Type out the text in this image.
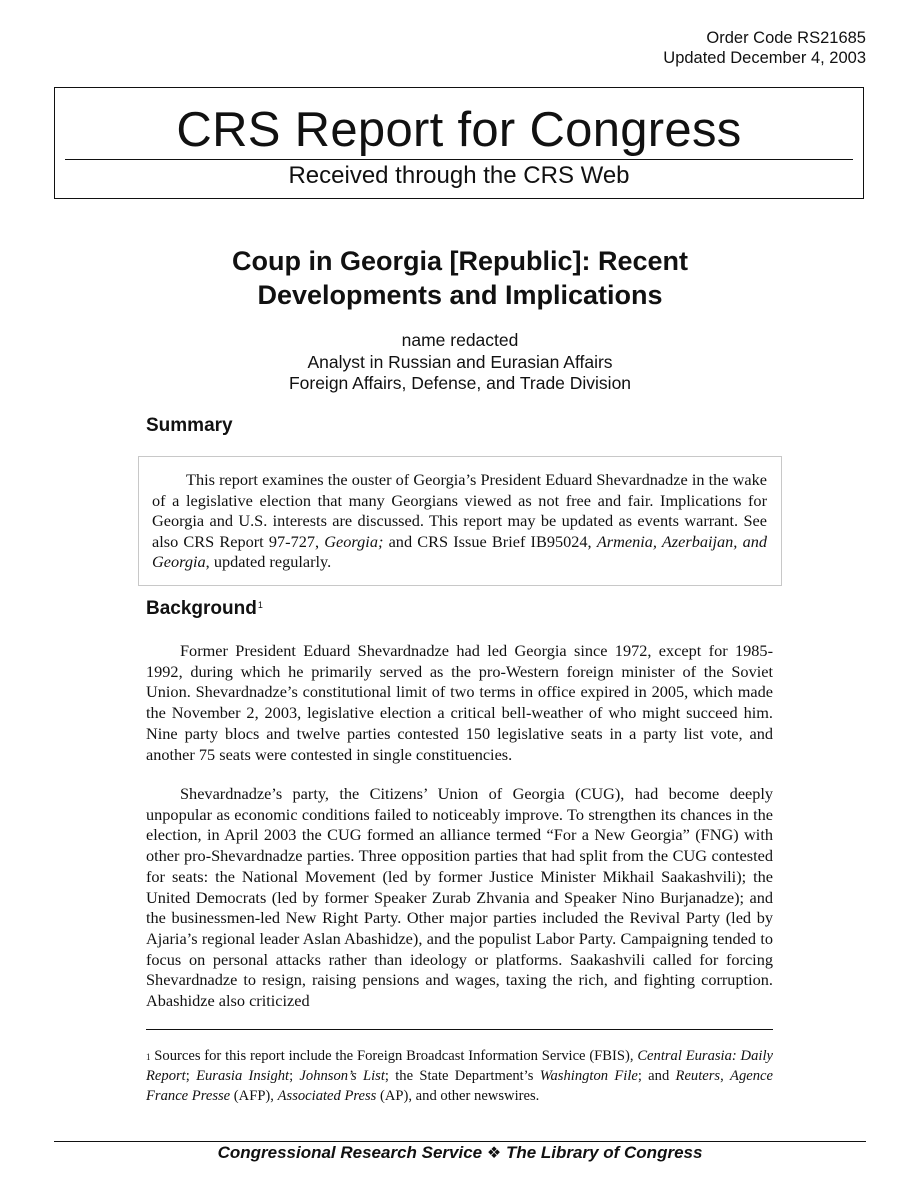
Order Code RS21685
Updated December 4, 2003
CRS Report for Congress
Received through the CRS Web
Coup in Georgia [Republic]: Recent
Developments and Implications
name redacted
Analyst in Russian and Eurasian Affairs
Foreign Affairs, Defense, and Trade Division
Summary

This report examines the ouster of Georgia’s President Eduard Shevardnadze in the wake of a legislative election that many Georgians viewed as not free and fair. Implications for Georgia and U.S. interests are discussed. This report may be updated as events warrant. See also CRS Report 97-727, Georgia; and CRS Issue Brief IB95024, Armenia, Azerbaijan, and Georgia, updated regularly.

Background$^1$

Former President Eduard Shevardnadze had led Georgia since 1972, except for 1985-1992, during which he primarily served as the pro-Western foreign minister of the Soviet Union. Shevardnadze’s constitutional limit of two terms in office expired in 2005, which made the November 2, 2003, legislative election a critical bell-weather of who might succeed him. Nine party blocs and twelve parties contested 150 legislative seats in a party list vote, and another 75 seats were contested in single constituencies.

Shevardnadze’s party, the Citizens’ Union of Georgia (CUG), had become deeply unpopular as economic conditions failed to noticeably improve. To strengthen its chances in the election, in April 2003 the CUG formed an alliance termed “For a New Georgia” (FNG) with other pro-Shevardnadze parties. Three opposition parties that had split from the CUG contested for seats: the National Movement (led by former Justice Minister Mikhail Saakashvili); the United Democrats (led by former Speaker Zurab Zhvania and Speaker Nino Burjanadze); and the businessmen-led New Right Party. Other major parties included the Revival Party (led by Ajaria’s regional leader Aslan Abashidze), and the populist Labor Party. Campaigning tended to focus on personal attacks rather than ideology or platforms. Saakashvili called for forcing Shevardnadze to resign, raising pensions and wages, taxing the rich, and fighting corruption. Abashidze also criticized

$^1$ Sources for this report include the Foreign Broadcast Information Service (FBIS), Central Eurasia: Daily Report; Eurasia Insight; Johnson’s List; the State Department’s Washington File; and Reuters, Agence France Presse (AFP), Associated Press (AP), and other newswires.
Congressional Research Service ❖ The Library of Congress
